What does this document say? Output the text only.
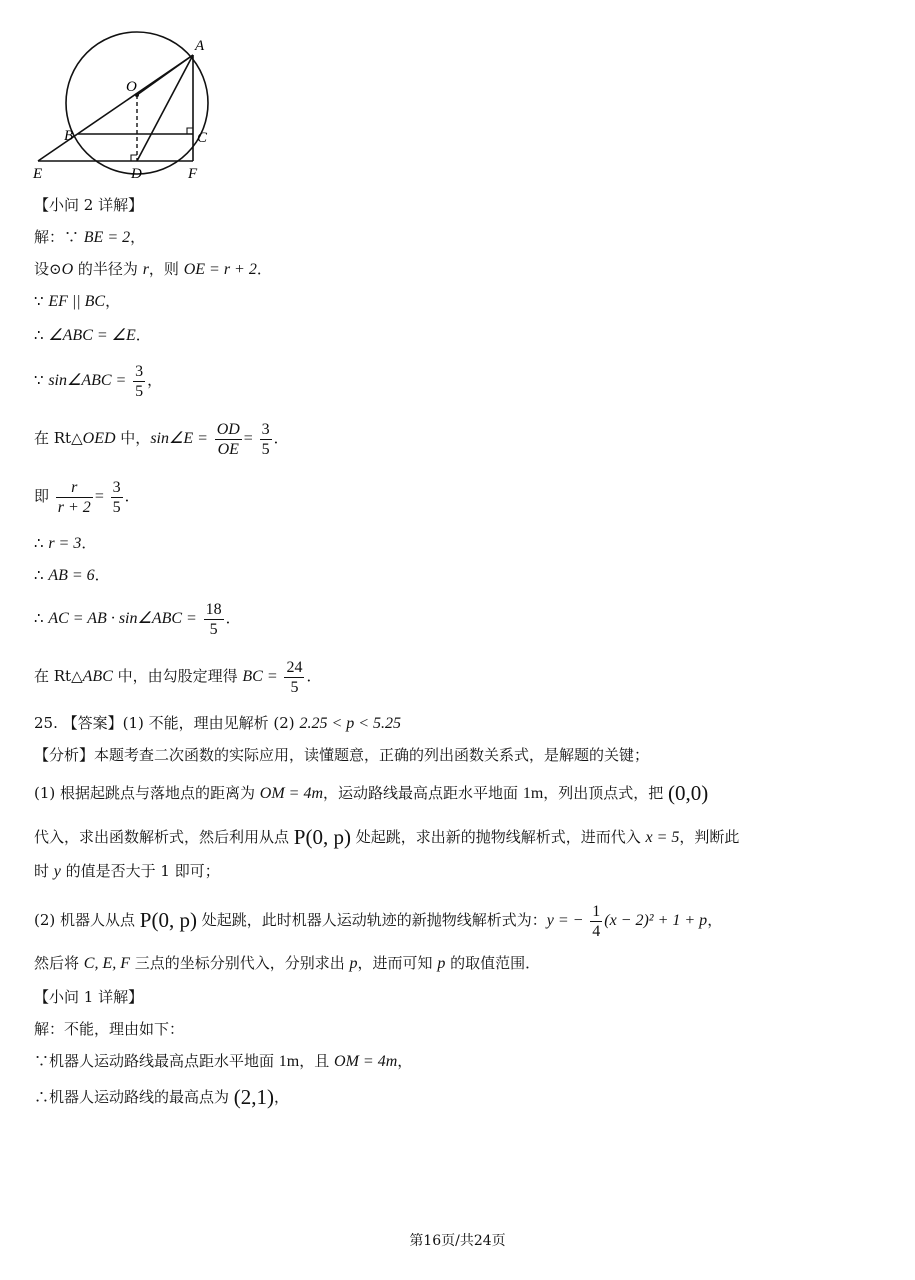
A
O
B	C
E	D	F
【小问 2 详解】
解：∵ BE = 2，
设⊙O 的半径为 r，则 OE = r + 2．
∵ EF || BC，
∴ ∠ABC = ∠E．
∵ sin∠ABC = $\frac{3}{5}$ ，
在 Rt△OED 中，sin∠E = $\frac{OD}{OE} = \frac{3}{5}$ ．
即 $\frac{r}{r + 2} = \frac{3}{5}$ ．
∴ r = 3．
∴ AB = 6．
∴ AC = AB · sin∠ABC = $\frac{18}{5}$ ．
在 Rt△ABC 中，由勾股定理得 BC = $\frac{24}{5}$ ．
25. 【答案】(1) 不能，理由见解析 (2) 2.25 < p < 5.25
【分析】本题考查二次函数的实际应用，读懂题意，正确的列出函数关系式，是解题的关键；
(1) 根据起跳点与落地点的距离为 OM = 4m，运动路线最高点距水平地面 1m，列出顶点式，把 (0,0)
代入，求出函数解析式，然后利用从点 P(0, p) 处起跳，求出新的抛物线解析式，进而代入 x = 5，判断此
时 y 的值是否大于 1 即可；
(2) 机器人从点 P(0, p) 处起跳，此时机器人运动轨迹的新抛物线解析式为：y = − $\frac{1}{4} (x - 2)^2 + 1 + p$，
然后将 C, E, F 三点的坐标分别代入，分别求出 p，进而可知 p 的取值范围．
【小问 1 详解】
解：不能，理由如下：
∵机器人运动路线最高点距水平地面 1m，且 OM = 4m，
∴机器人运动路线的最高点为 (2,1)，
第16页/共24页
